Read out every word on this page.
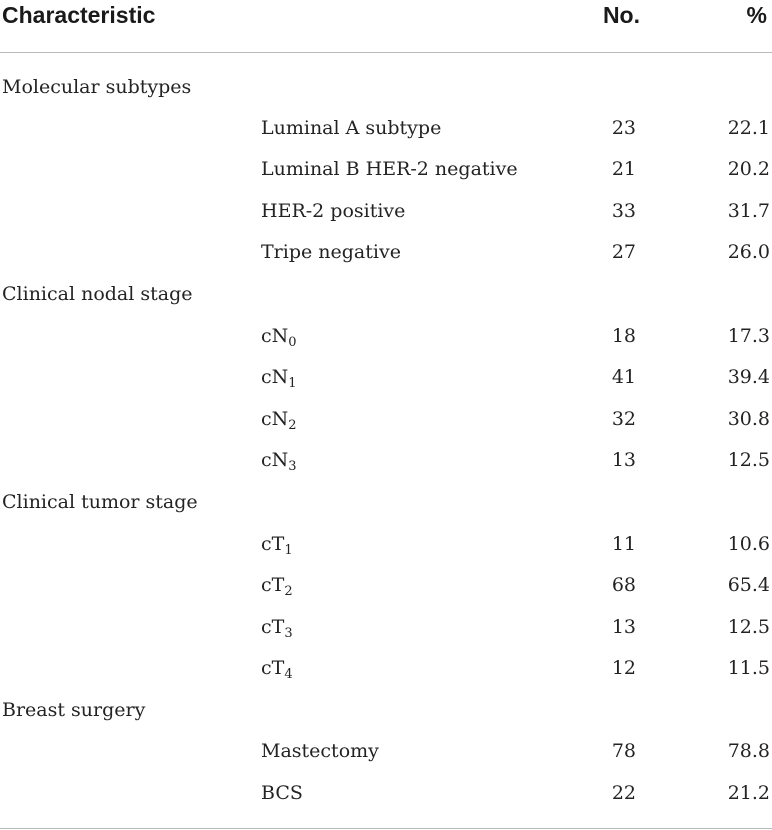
Characteristic	No.	%
Molecular subtypes
Luminal A subtype	23	22.1
Luminal B HER-2 negative	21	20.2
HER-2 positive	33	31.7
Tripe negative	27	26.0
Clinical nodal stage
$cN_0$	18	17.3
$cN_1$	41	39.4
$cN_2$	32	30.8
$cN_3$	13	12.5
Clinical tumor stage
$cT_1$	11	10.6
$cT_2$	68	65.4
$cT_3$	13	12.5
$cT_4$	12	11.5
Breast surgery
Mastectomy	78	78.8
BCS	22	21.2
